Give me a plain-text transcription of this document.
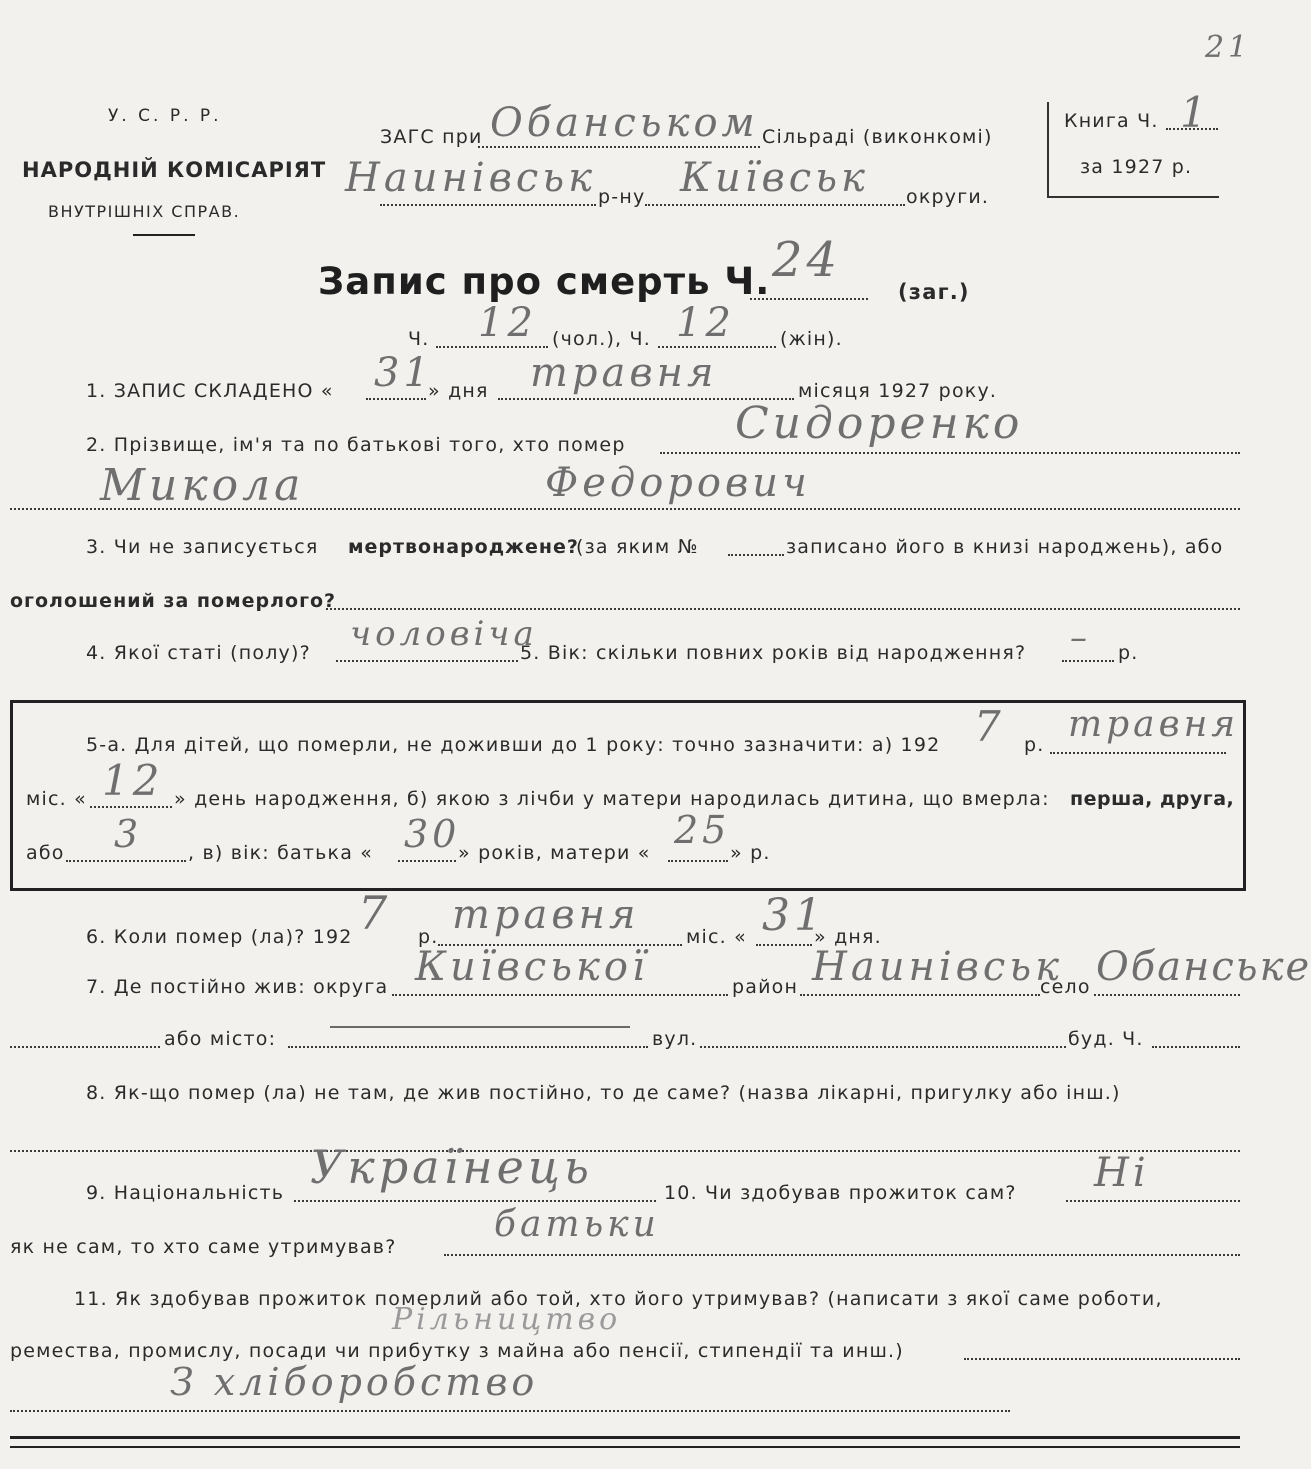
У. С. Р. Р.
НАРОДНІЙ КОМІСАРІЯТ
ВНУТРІШНІХ СПРАВ.
21
ЗАГС при Обанськом Сільраді (виконкомі)
Наинівськ р-ну Київськ округи.
Книга Ч. 1
за 1927 р.
Запис про смерть Ч. 24
(заг.)
Ч. 12 (чол.), Ч. 12 (жін).
1. ЗАПИС СКЛАДЕНО « 31
» дня травня	місяця 1927 року.
2. Прізвище, ім'я та по батькові того, хто помер Сидоренко
Микола	Федорович
3. Чи не записується мертвонароджене?
(за яким №	записано його в книзі народжень), або
оголошений за померлого?
4. Якої статі (полу)? чоловіча
5. Вік: скільки повних років від народження? – р.
5-а. Для дітей, що померли, не доживши до 1 року: точно зазначити: а) 192 7 р. травня
міс. « 12 » день народження, б) якою з лічби у матери народилась дитина, що вмерла: перша, друга,
або 3 , в) вік: батька « 30
» років, матери «
25
» р.
6. Коли помер (ла)? 192 7 р. травня міс. « 31
» дня.
7. Де постійно жив: округа Київської	район Наинівськ
село Обанське
або місто:	вул.	буд. Ч.
8. Як-що помер (ла) не там, де жив постійно, то де саме? (назва лікарні, пригулку або інш.)
9. Національність Українець	10. Чи здобував прожиток сам? Ні
як не сам, то хто саме утримував?
батьки
11. Як здобував прожиток померлий або той, хто його утримував? (написати з якої саме роботи,
ремества, промислу, посади чи прибутку з майна або пенсії, стипендії та инш.)
Рільництво
З хліборобство
